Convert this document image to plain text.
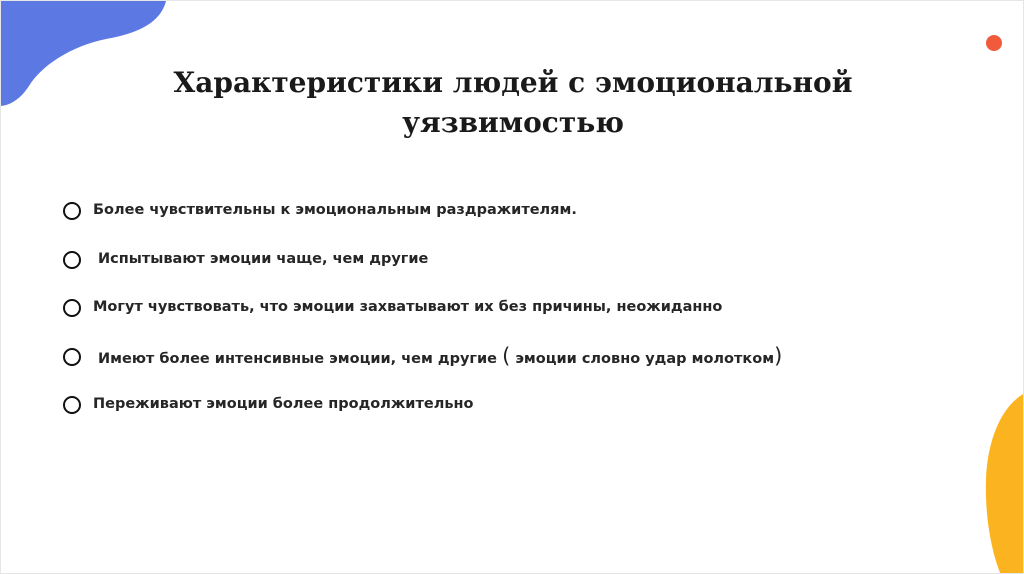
Характеристики людей с эмоциональной
уязвимостью
Более чувствительны к эмоциональным раздражителям.
Испытывают эмоции чаще, чем другие
Могут чувствовать, что эмоции захватывают их без причины, неожиданно
Имеют более интенсивные эмоции, чем другие ( эмоции словно удар молотком)
Переживают эмоции более продолжительно
